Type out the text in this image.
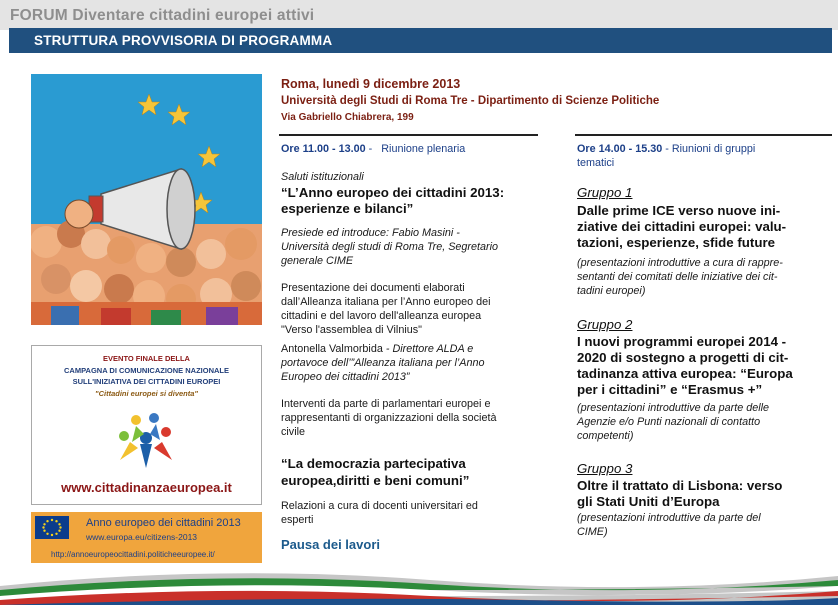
FORUM Diventare cittadini europei attivi
STRUTTURA PROVVISORIA DI PROGRAMMA
EVENTO FINALE DELLA
CAMPAGNA DI COMUNICAZIONE NAZIONALE
SULL'INIZIATIVA DEI CITTADINI EUROPEI
"Cittadini europei si diventa"
www.cittadinanzaeuropea.it
Anno europeo dei cittadini 2013
www.europa.eu/citizens-2013
http://annoeuropeocittadini.politicheeuropee.it/
Roma, lunedì 9 dicembre 2013
Università degli Studi di Roma Tre - Dipartimento di Scienze Politiche
Via Gabriello Chiabrera, 199
Ore 11.00 - 13.00 -   Riunione plenaria
Saluti istituzionali
“L’Anno europeo dei cittadini 2013:
esperienze e bilanci”
Presiede ed introduce: Fabio Masini -
Università degli studi di Roma Tre, Segretario
generale CIME
Presentazione dei documenti elaborati
dall’Alleanza italiana per l’Anno europeo dei
cittadini e del lavoro dell'alleanza europea
"Verso l'assemblea di Vilnius"
Antonella Valmorbida - Direttore ALDA e
portavoce dell’”Alleanza italiana per l’Anno
Europeo dei cittadini 2013”
Interventi da parte di parlamentari europei e
rappresentanti di organizzazioni della società
civile
“La democrazia partecipativa
europea,diritti e beni comuni”
Relazioni a cura di docenti universitari ed
esperti
Pausa dei lavori
Ore 14.00 - 15.30 - Riunioni di gruppi
tematici
Gruppo 1
Dalle prime ICE verso nuove ini-
ziative dei cittadini europei: valu-
tazioni, esperienze, sfide future
(presentazioni introduttive a cura di rappre-
sentanti dei comitati delle iniziative dei cit-
tadini europei)
Gruppo 2
I nuovi programmi europei 2014 -
2020 di sostegno a progetti di cit-
tadinanza attiva europea: “Europa
per i cittadini” e “Erasmus +”
(presentazioni introduttive da parte delle
Agenzie e/o Punti nazionali di contatto
competenti)
Gruppo 3
Oltre il trattato di Lisbona: verso
gli Stati Uniti d’Europa
(presentazioni introduttive da parte del
CIME)
